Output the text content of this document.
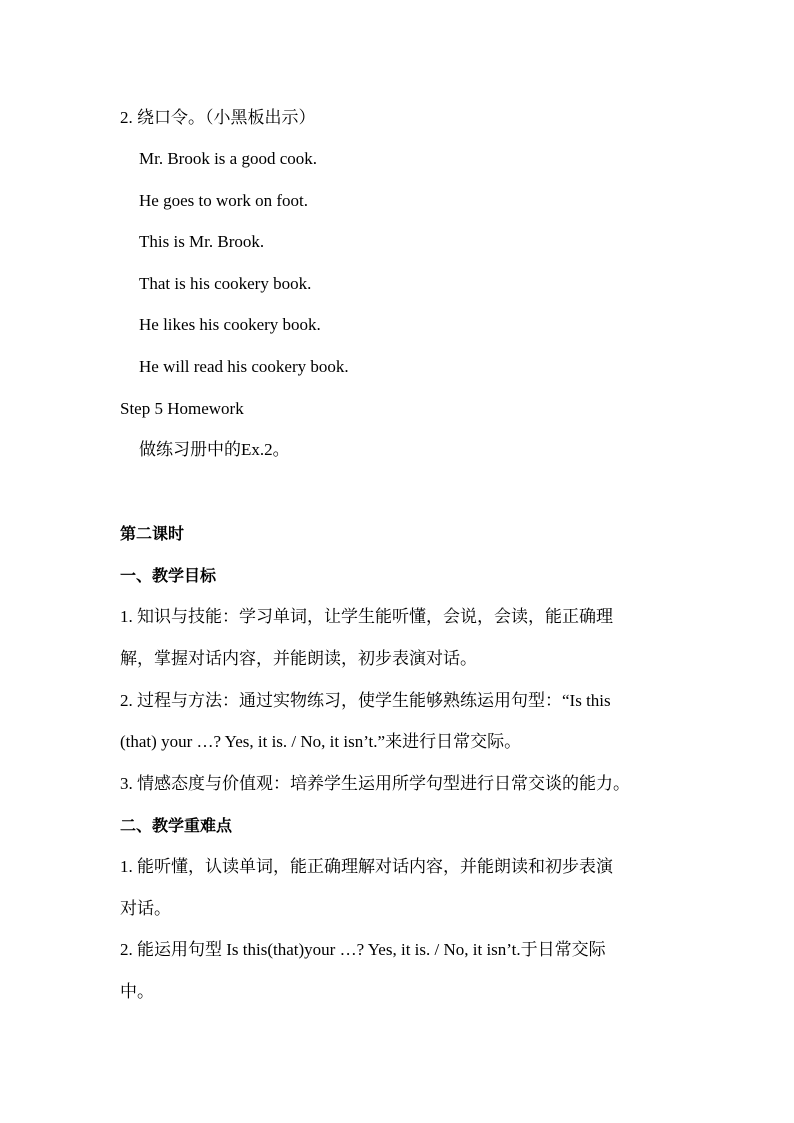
2. 绕口令。（小黑板出示）
Mr. Brook is a good cook.
He goes to work on foot.
This is Mr. Brook.
That is his cookery book.
He likes his cookery book.
He will read his cookery book.
Step 5 Homework
做练习册中的Ex.2。
第二课时
一、教学目标
1. 知识与技能：学习单词，让学生能听懂，会说，会读，能正确理
解，掌握对话内容，并能朗读，初步表演对话。
2. 过程与方法：通过实物练习，使学生能够熟练运用句型：“Is this
(that) your …? Yes, it is. / No, it isn’t.”来进行日常交际。
3. 情感态度与价值观：培养学生运用所学句型进行日常交谈的能力。
二、教学重难点
1. 能听懂，认读单词，能正确理解对话内容，并能朗读和初步表演
对话。
2. 能运用句型 Is this(that)your …? Yes, it is. / No, it isn’t.于日常交际
中。
